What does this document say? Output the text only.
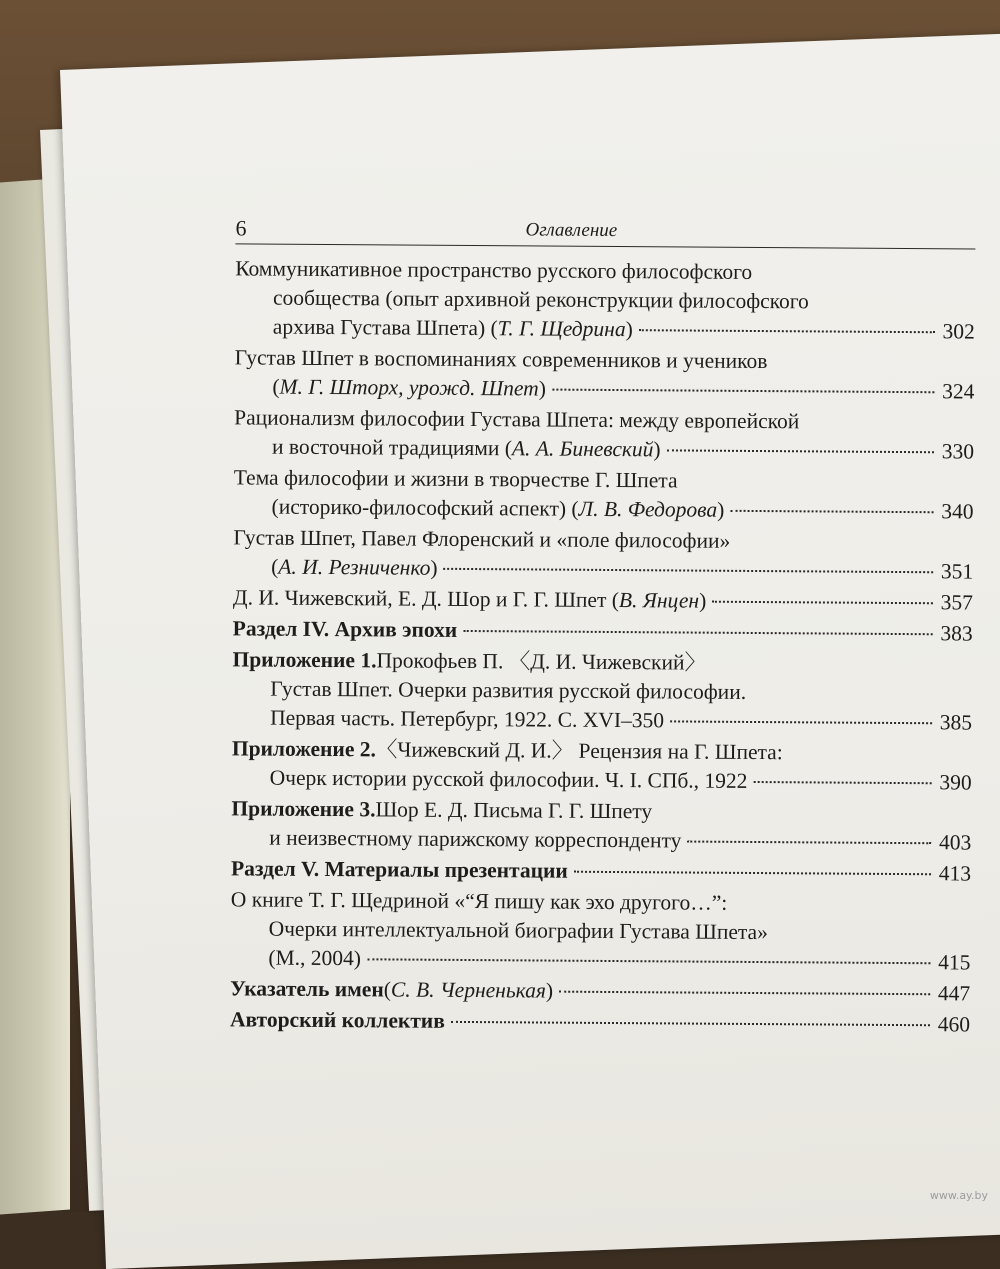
6	Оглавление
Коммуникативное пространство русского философского
сообщества (опыт архивной реконструкции философского
архива Густава Шпета) ( Т. Г. Щедрина )	302
Густав Шпет в воспоминаниях современников и учеников
( М. Г. Шторх, урожд. Шпет )	324
Рационализм философии Густава Шпета: между европейской
и восточной традициями ( А. А. Биневский )	330
Тема философии и жизни в творчестве Г. Шпета
(историко-философский аспект) ( Л. В. Федорова )	340
Густав Шпет, Павел Флоренский и «поле философии»
( А. И. Резниченко )	351
Д. И. Чижевский, Е. Д. Шор и Г. Г. Шпет ( В. Янцен )	357
Раздел IV. Архив эпохи	383
Приложение 1. Прокофьев П. 〈Д. И. Чижевский〉
Густав Шпет. Очерки развития русской философии.
Первая часть. Петербург, 1922. С. XVI–350	385
Приложение 2. 〈Чижевский Д. И.〉 Рецензия на Г. Шпета:
Очерк истории русской философии. Ч. I. СПб., 1922	390
Приложение 3. Шор Е. Д. Письма Г. Г. Шпету
и неизвестному парижскому корреспонденту	403
Раздел V. Материалы презентации	413
О книге Т. Г. Щедриной «“Я пишу как эхо другого…”:
Очерки интеллектуальной биографии Густава Шпета»
(М., 2004)	415
Указатель имен ( С. В. Черненькая )	447
Авторский коллектив	460
www.ay.by
